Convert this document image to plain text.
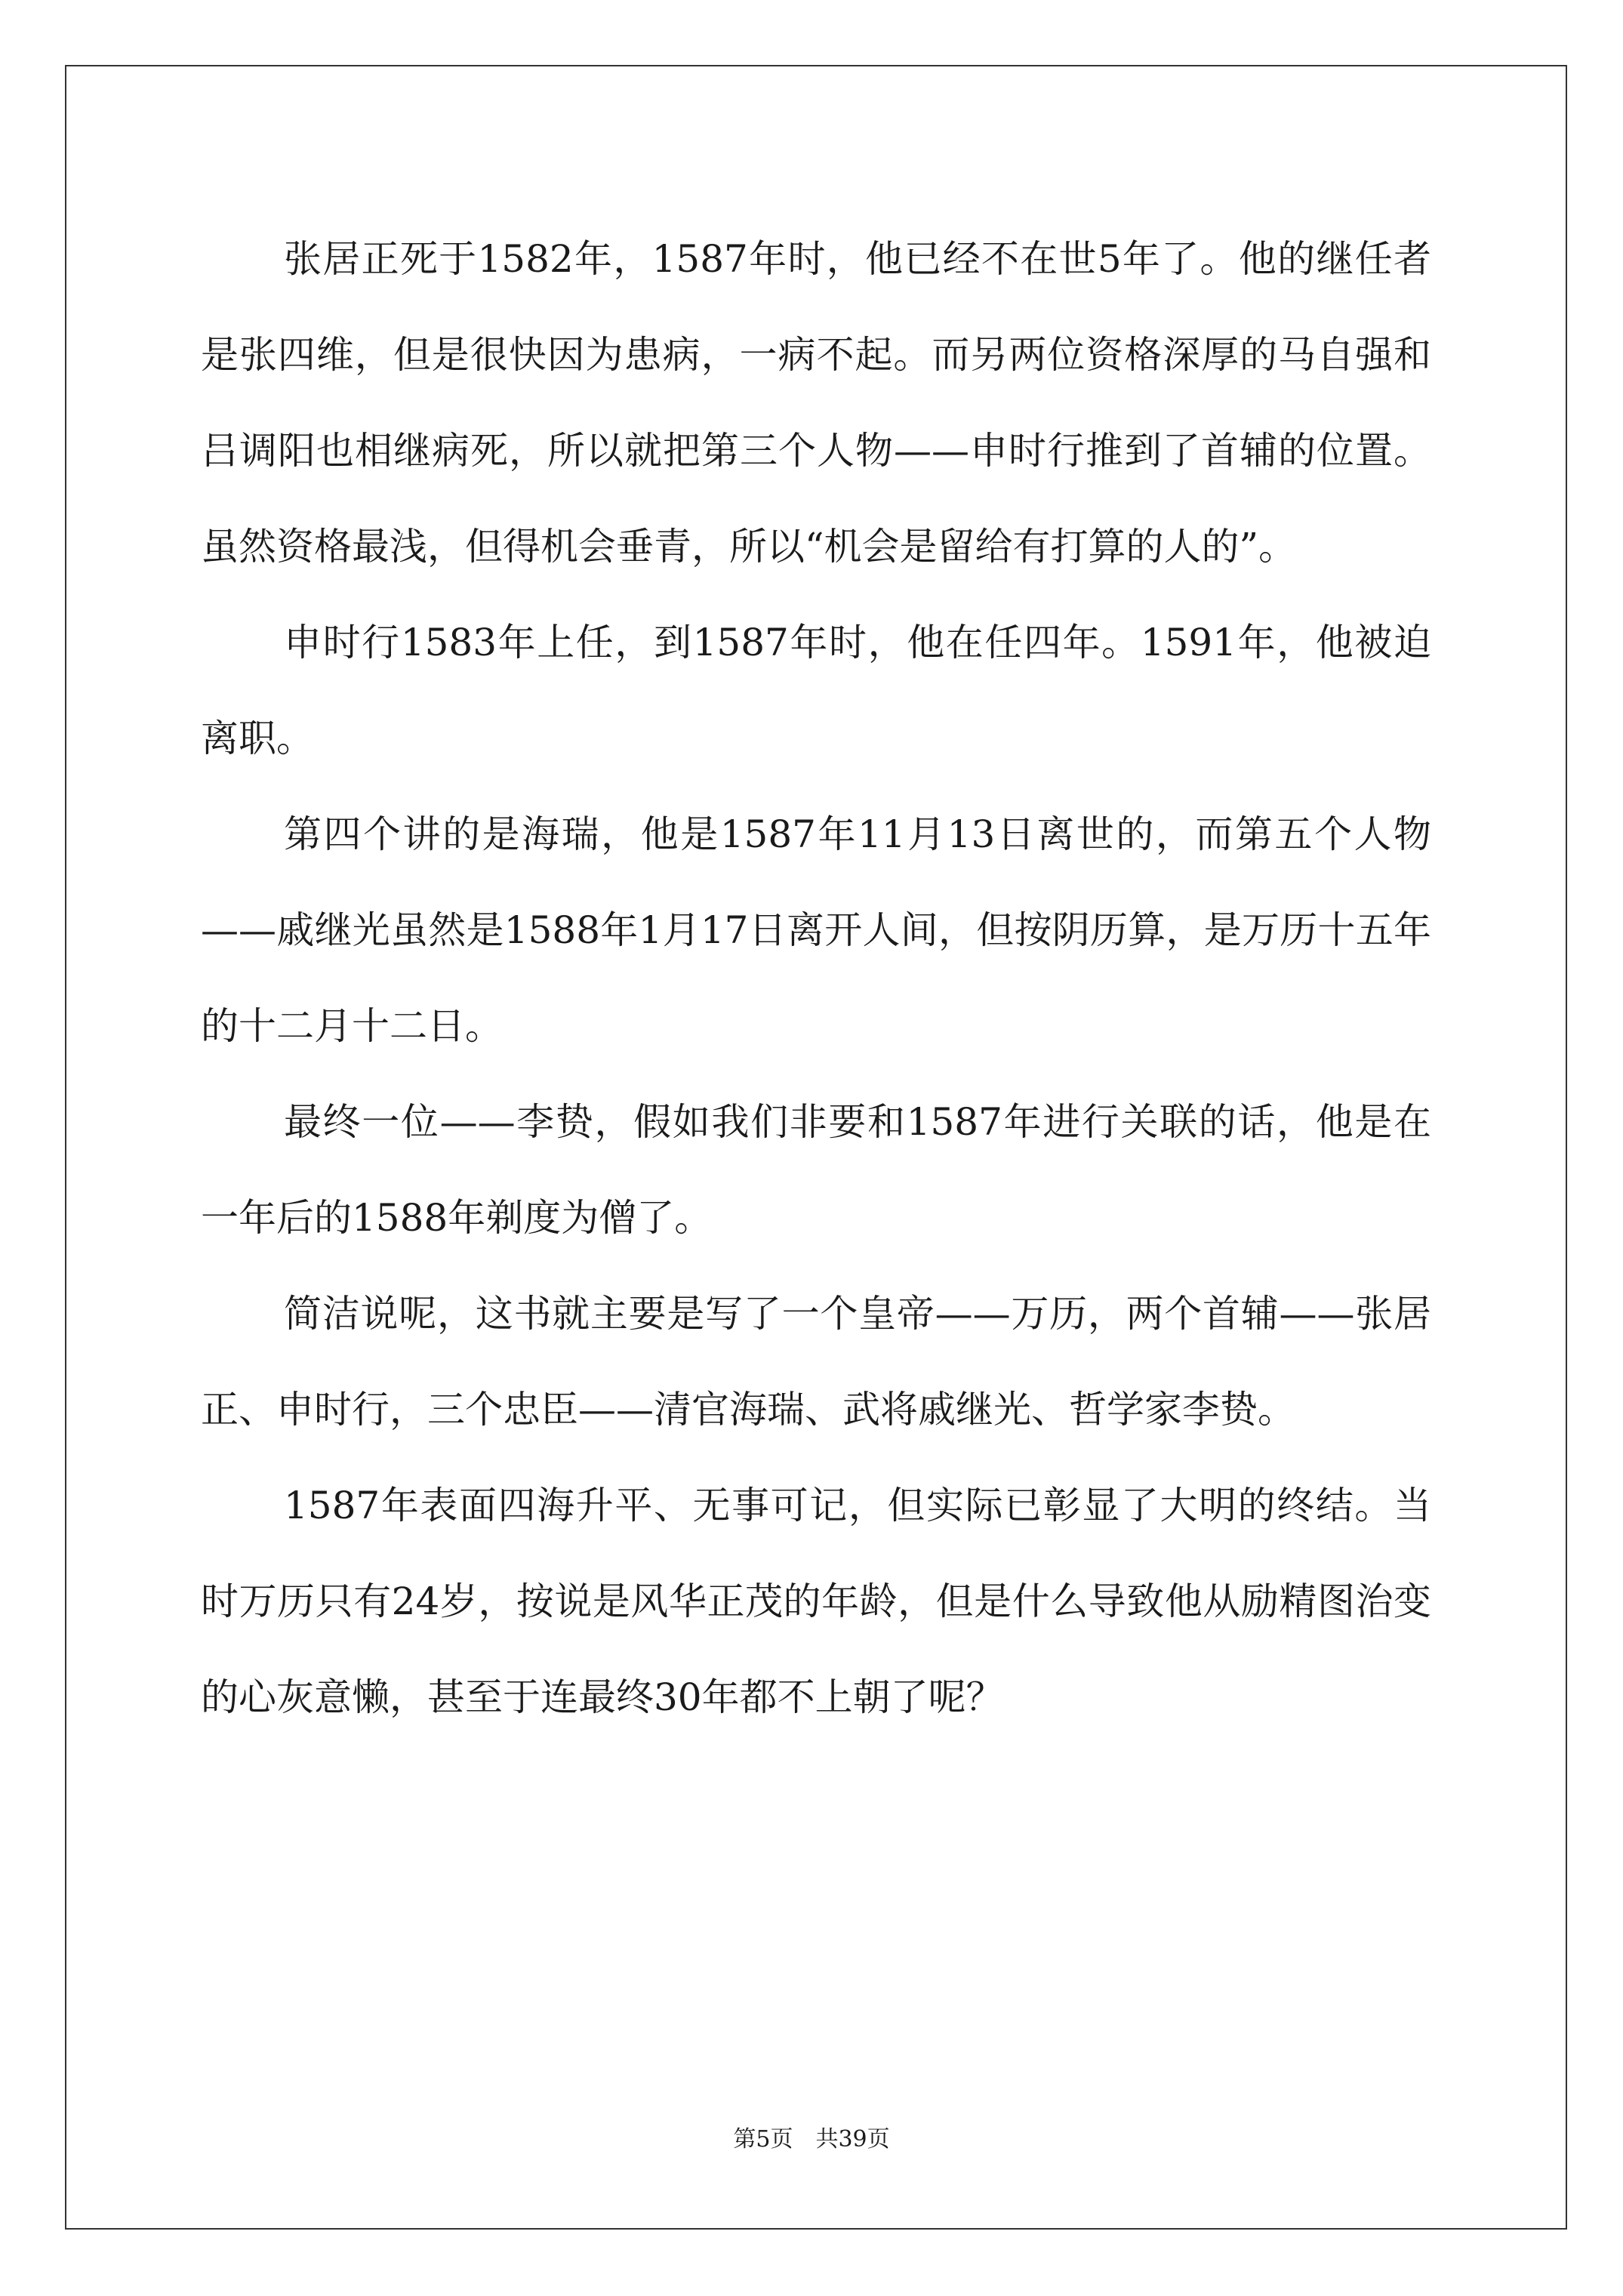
张居正死于1582年，1587年时，他已经不在世5年了。他的继任者是张四维，但是很快因为患病，一病不起。而另两位资格深厚的马自强和吕调阳也相继病死，所以就把第三个人物——申时行推到了首辅的位置。虽然资格最浅，但得机会垂青，所以“机会是留给有打算的人的”。

申时行1583年上任，到1587年时，他在任四年。1591年，他被迫离职。

第四个讲的是海瑞，他是1587年11月13日离世的，而第五个人物——戚继光虽然是1588年1月17日离开人间，但按阴历算，是万历十五年的十二月十二日。

最终一位——李贽，假如我们非要和1587年进行关联的话，他是在一年后的1588年剃度为僧了。

简洁说呢，这书就主要是写了一个皇帝——万历，两个首辅——张居正、申时行，三个忠臣——清官海瑞、武将戚继光、哲学家李贽。

1587年表面四海升平、无事可记，但实际已彰显了大明的终结。当时万历只有24岁，按说是风华正茂的年龄，但是什么导致他从励精图治变的心灰意懒，甚至于连最终30年都不上朝了呢？

第5页　共39页
